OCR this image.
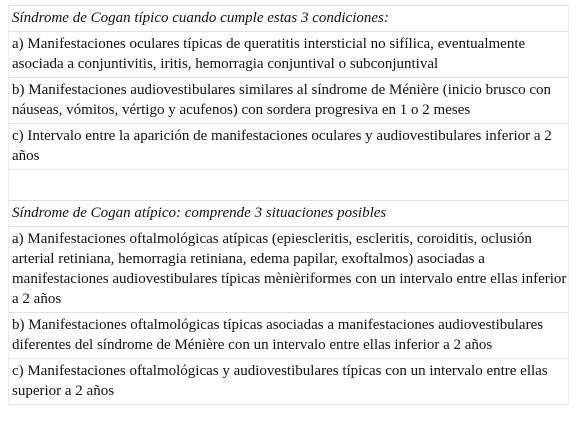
Síndrome de Cogan típico cuando cumple estas 3 condiciones:
a) Manifestaciones oculares típicas de queratitis intersticial no sifílica, eventualmente asociada a conjuntivitis, iritis, hemorragia conjuntival o subconjuntival
b) Manifestaciones audiovestibulares similares al síndrome de Ménière (inicio brusco con náuseas, vómitos, vértigo y acufenos) con sordera progresiva en 1 o 2 meses
c) Intervalo entre la aparición de manifestaciones oculares y audiovestibulares inferior a 2 años

Síndrome de Cogan atípico: comprende 3 situaciones posibles
a) Manifestaciones oftalmológicas atípicas (epiescleritis, escleritis, coroiditis, oclusión arterial retiniana, hemorragia retiniana, edema papilar, exoftalmos) asociadas a manifestaciones audiovestibulares típicas mènièriformes con un intervalo entre ellas inferior a 2 años
b) Manifestaciones oftalmológicas típicas asociadas a manifestaciones audiovestibulares diferentes del síndrome de Ménière con un intervalo entre ellas inferior a 2 años
c) Manifestaciones oftalmológicas y audiovestibulares típicas con un intervalo entre ellas superior a 2 años
